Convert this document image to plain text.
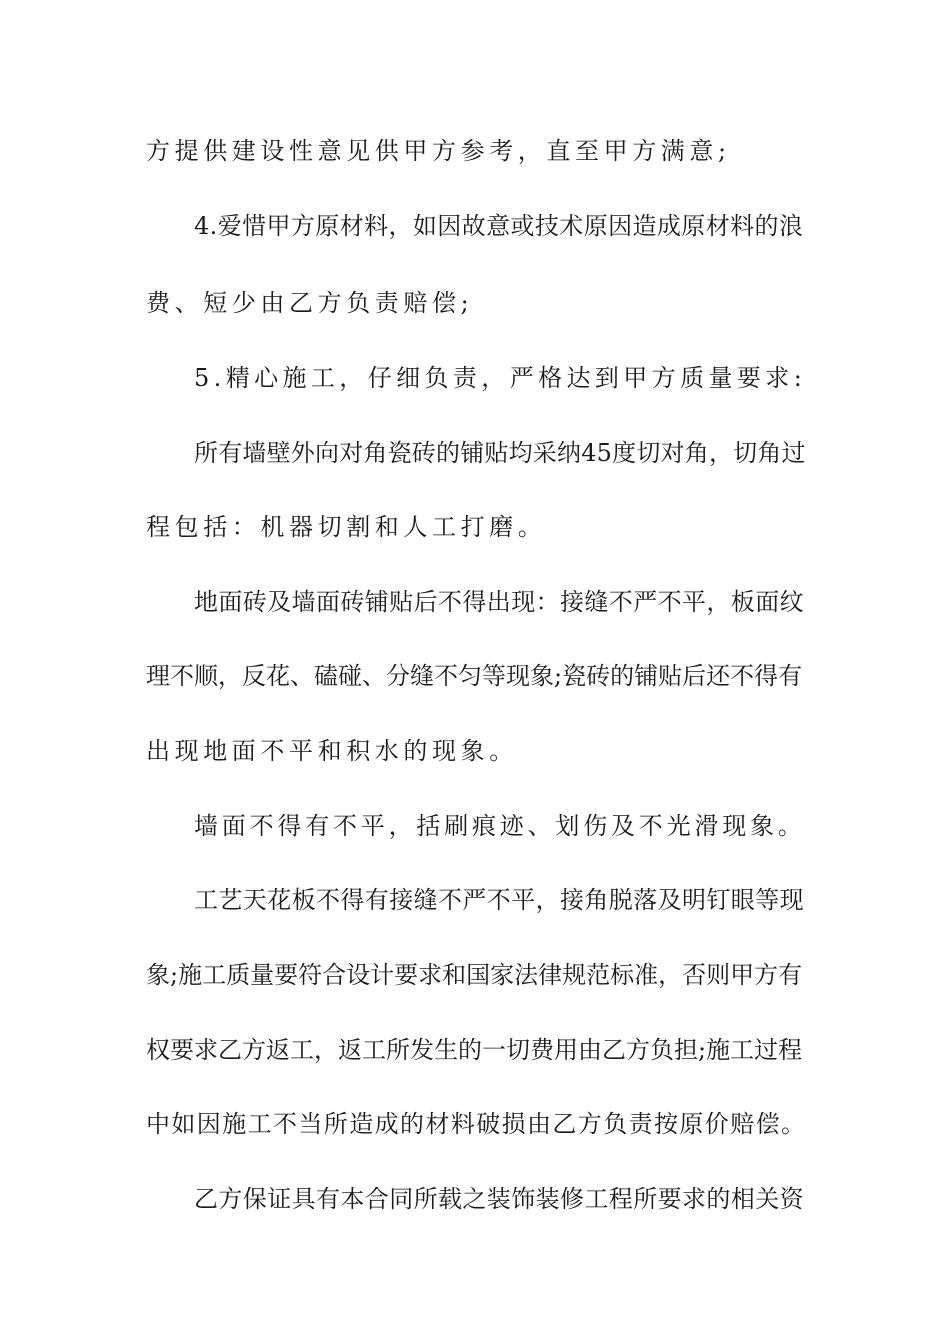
方提供建设性意见供甲方参考，直至甲方满意;
4.爱惜甲方原材料，如因故意或技术原因造成原材料的浪
费、短少由乙方负责赔偿;
5.精心施工，仔细负责，严格达到甲方质量要求:
所有墙壁外向对角瓷砖的铺贴均采纳45度切对角，切角过
程包括：机器切割和人工打磨。
地面砖及墙面砖铺贴后不得出现：接缝不严不平，板面纹
理不顺，反花、磕碰、分缝不匀等现象;瓷砖的铺贴后还不得有
出现地面不平和积水的现象。
墙面不得有不平，括刷痕迹、划伤及不光滑现象。
工艺天花板不得有接缝不严不平，接角脱落及明钉眼等现
象;施工质量要符合设计要求和国家法律规范标准，否则甲方有
权要求乙方返工，返工所发生的一切费用由乙方负担;施工过程
中如因施工不当所造成的材料破损由乙方负责按原价赔偿。
乙方保证具有本合同所载之装饰装修工程所要求的相关资
